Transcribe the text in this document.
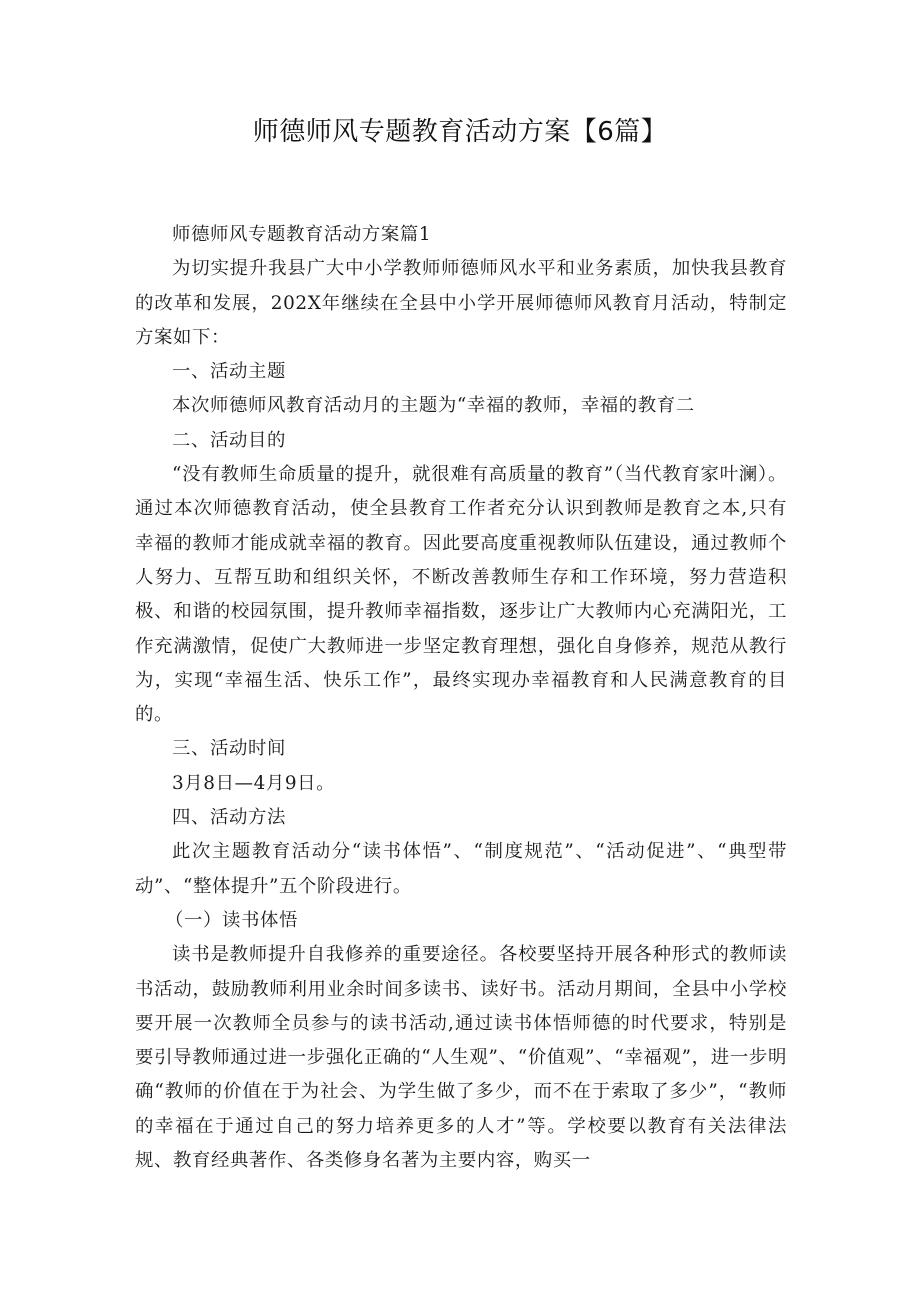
师德师风专题教育活动方案【6篇】

师德师风专题教育活动方案篇1

为切实提升我县广大中小学教师师德师风水平和业务素质，加快我县教育的改革和发展，202X年继续在全县中小学开展师德师风教育月活动，特制定方案如下：

一、活动主题

本次师德师风教育活动月的主题为“幸福的教师，幸福的教育二

二、活动目的

“没有教师生命质量的提升，就很难有高质量的教育”（当代教育家叶澜）。通过本次师德教育活动，使全县教育工作者充分认识到教师是教育之本,只有幸福的教师才能成就幸福的教育。因此要高度重视教师队伍建设，通过教师个人努力、互帮互助和组织关怀，不断改善教师生存和工作环境，努力营造积极、和谐的校园氛围，提升教师幸福指数，逐步让广大教师内心充满阳光，工作充满激情，促使广大教师进一步坚定教育理想，强化自身修养，规范从教行为，实现“幸福生活、快乐工作”，最终实现办幸福教育和人民满意教育的目的。

三、活动时间

3月8日—4月9日。

四、活动方法

此次主题教育活动分“读书体悟”、“制度规范”、“活动促进”、“典型带动”、“整体提升”五个阶段进行。

（一）读书体悟

读书是教师提升自我修养的重要途径。各校要坚持开展各种形式的教师读书活动，鼓励教师利用业余时间多读书、读好书。活动月期间，全县中小学校要开展一次教师全员参与的读书活动,通过读书体悟师德的时代要求，特别是要引导教师通过进一步强化正确的“人生观”、“价值观”、“幸福观”，进一步明确“教师的价值在于为社会、为学生做了多少，而不在于索取了多少”，“教师的幸福在于通过自己的努力培养更多的人才”等。学校要以教育有关法律法规、教育经典著作、各类修身名著为主要内容，购买一
